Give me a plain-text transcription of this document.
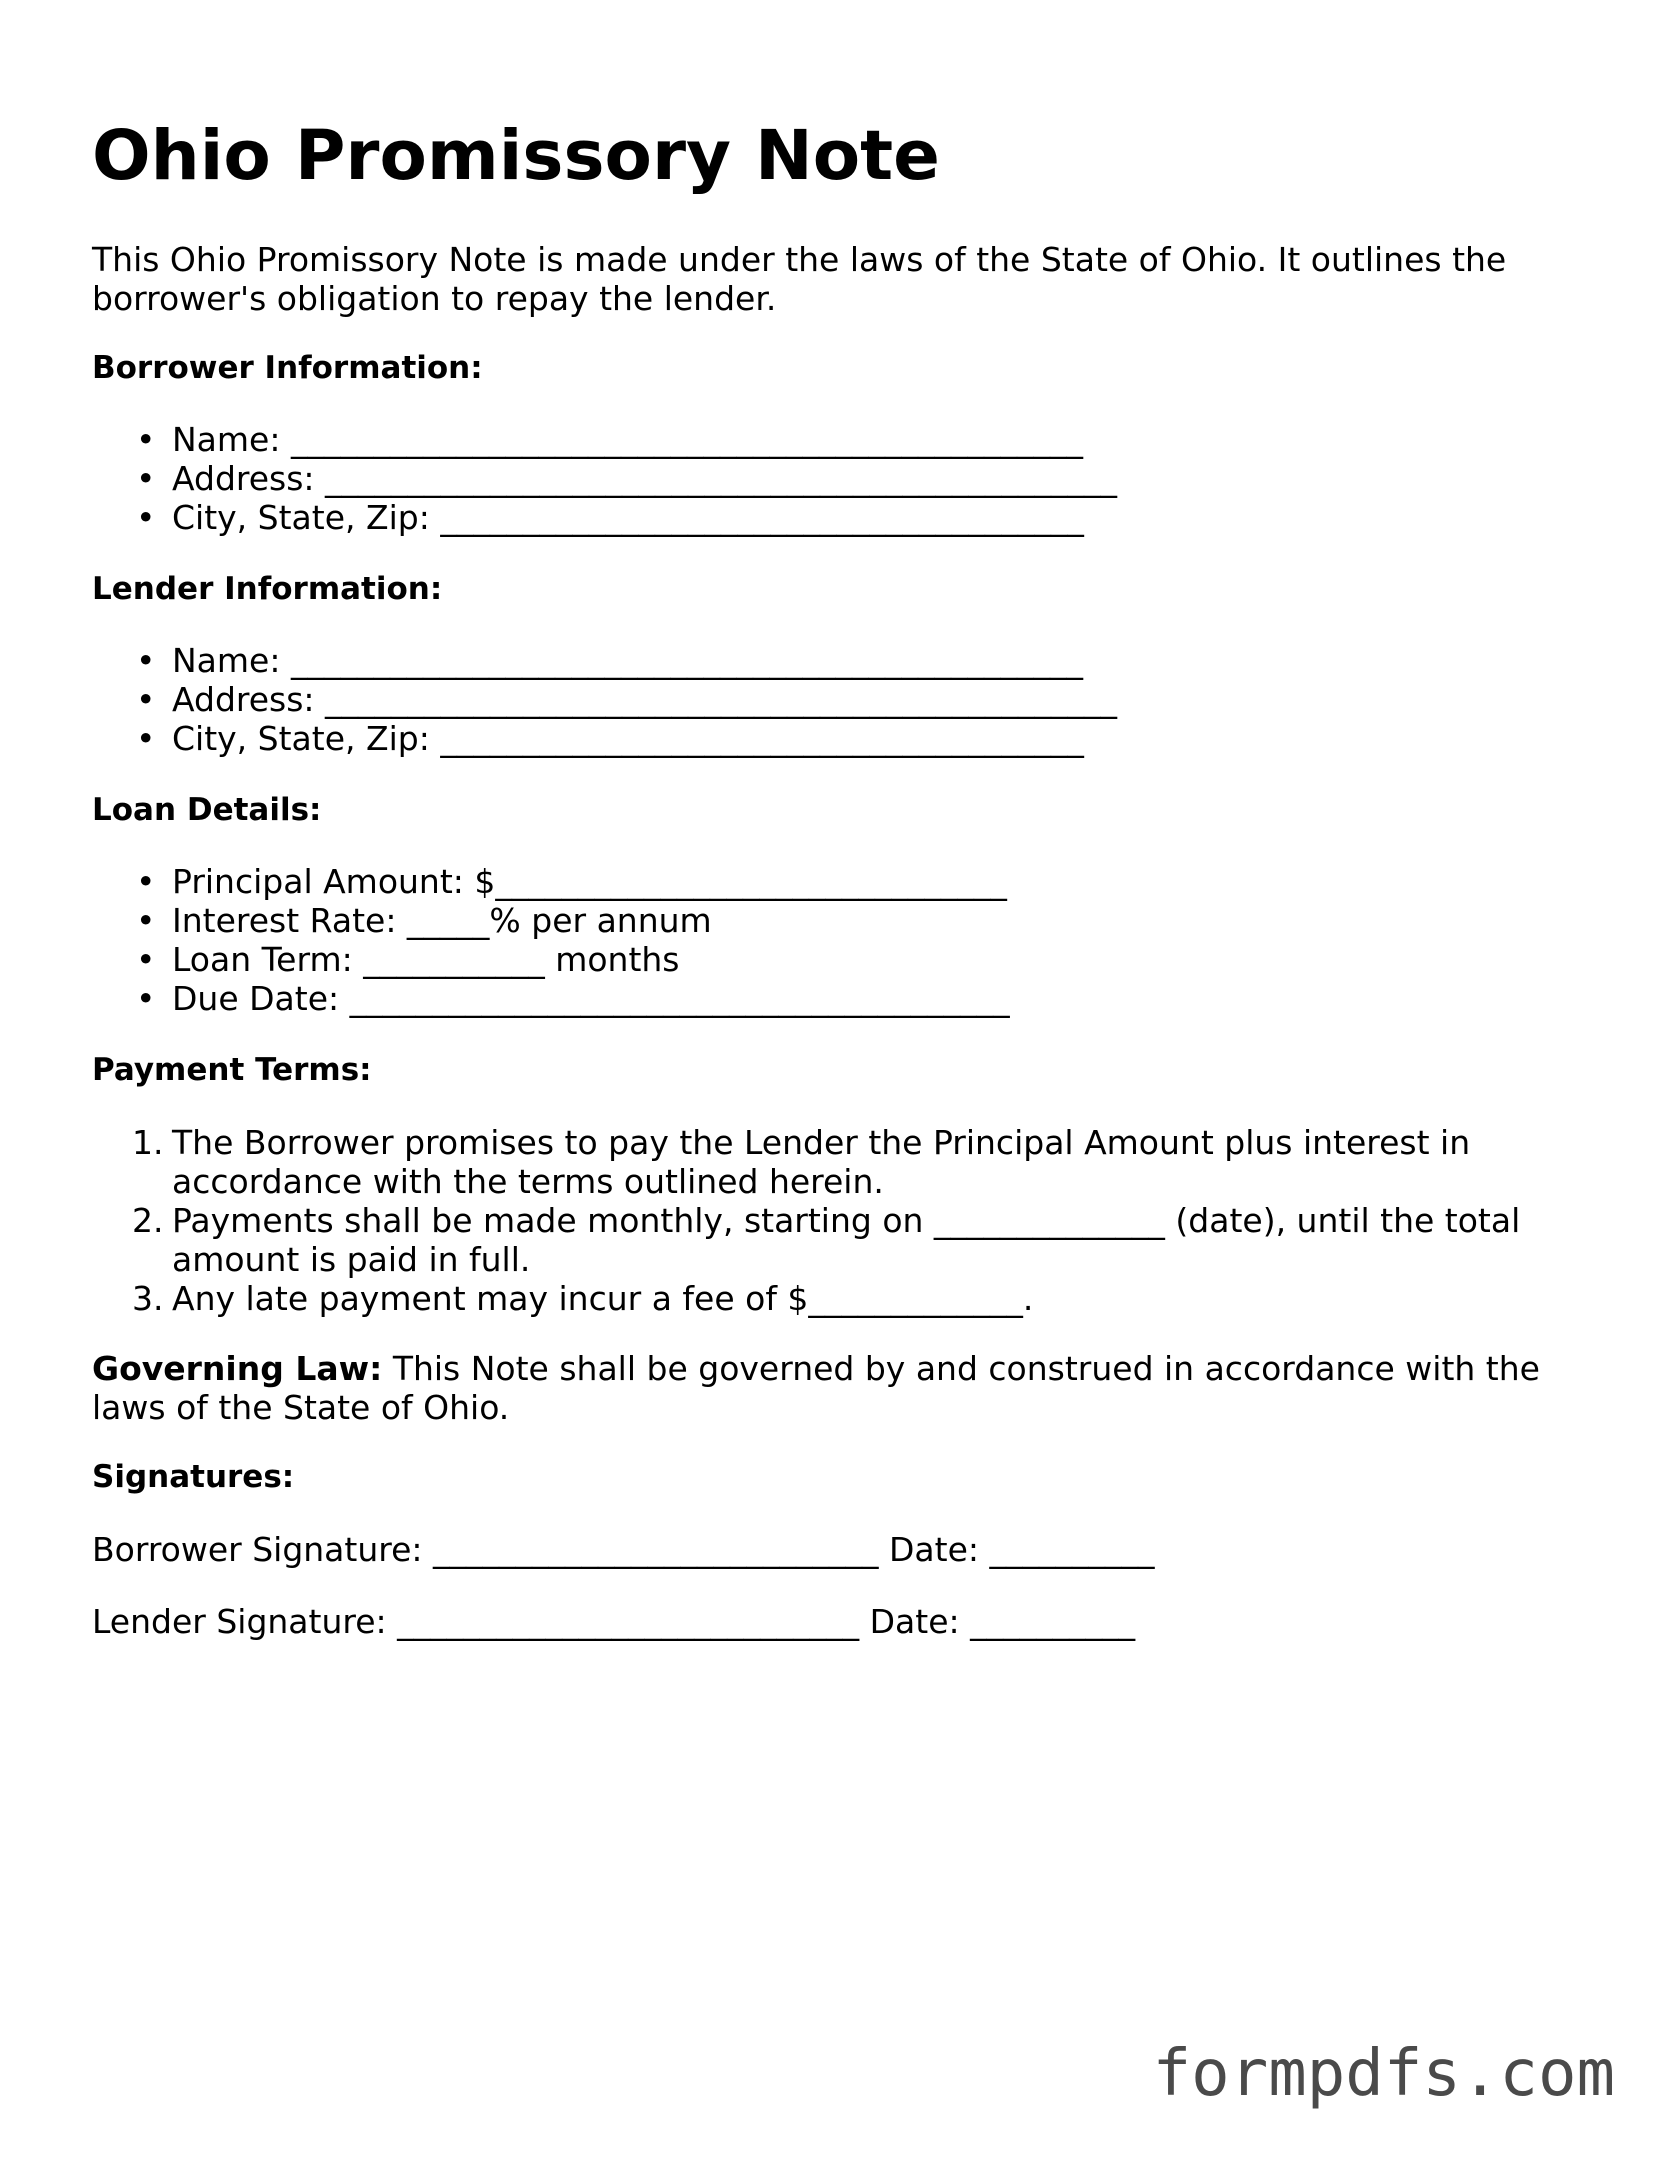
Ohio Promissory Note
This Ohio Promissory Note is made under the laws of the State of Ohio. It outlines the borrower's obligation to repay the lender.
Borrower Information:
• Name: ________________________________________________
• Address: ________________________________________________
• City, State, Zip: _______________________________________
Lender Information:
• Name: ________________________________________________
• Address: ________________________________________________
• City, State, Zip: _______________________________________
Loan Details:
• Principal Amount: $_______________________________
• Interest Rate: _____% per annum
• Loan Term: ___________ months
• Due Date: ________________________________________
Payment Terms:
1. The Borrower promises to pay the Lender the Principal Amount plus interest in accordance with the terms outlined herein.
2. Payments shall be made monthly, starting on ______________ (date), until the total amount is paid in full.
3. Any late payment may incur a fee of $_____________.
Governing Law: This Note shall be governed by and construed in accordance with the laws of the State of Ohio.
Signatures:
Borrower Signature: ___________________________ Date: __________
Lender Signature: ____________________________ Date: __________
formpdfs.com
